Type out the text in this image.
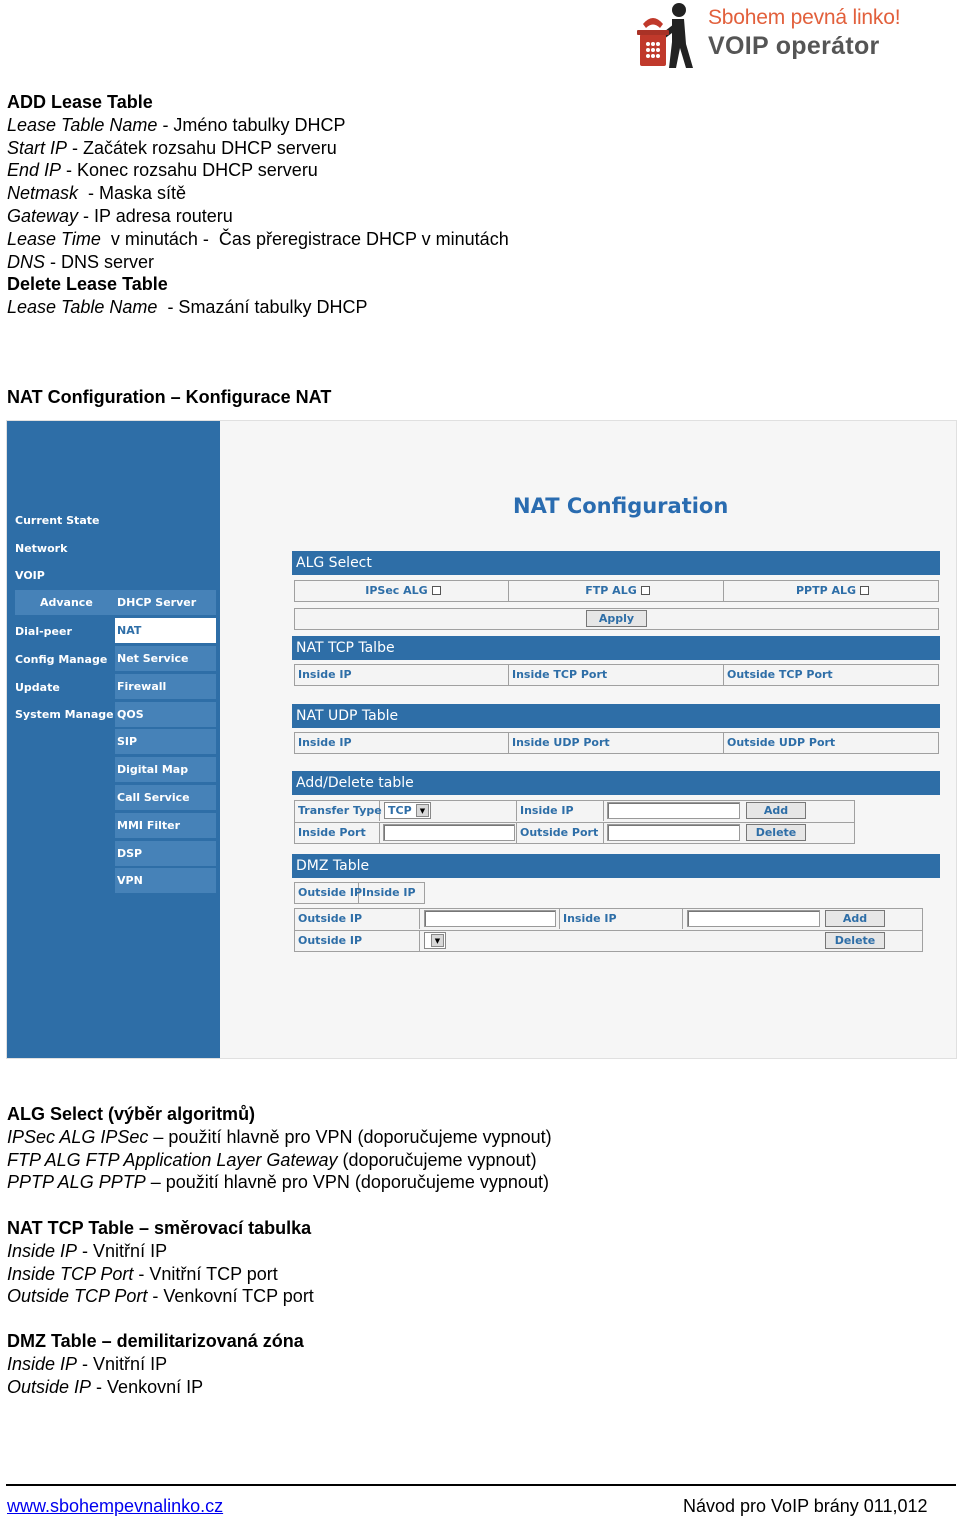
Sbohem pevná linko!
VOIP operátor

ADD Lease Table

Lease Table Name - Jméno tabulky DHCP

Start IP - Začátek rozsahu DHCP serveru

End IP - Konec rozsahu DHCP serveru

Netmask  - Maska sítě

Gateway - IP adresa routeru

Lease Time  v minutách -  Čas přeregistrace DHCP v minutách

DNS - DNS server

Delete Lease Table

Lease Table Name  - Smazání tabulky DHCP

NAT Configuration – Konfigurace NAT

Current State
Network
VOIP
Advance
Dial-peer
Config Manage
Update
System Manage
DHCP Server
NAT
Net Service
Firewall
QOS
SIP
Digital Map
Call Service
MMI Filter
DSP
VPN
NAT Configuration
ALG Select
IPSec ALG	FTP ALG	PPTP ALG
Apply
NAT TCP Talbe
Inside IP	Inside TCP Port	Outside TCP Port
NAT UDP Table
Inside IP	Inside UDP Port	Outside UDP Port
Add/Delete table
Transfer Type TCP	▼	Inside IP	Add
Inside Port	Outside Port	Delete
DMZ Table
Outside IP Inside IP
Outside IP	Inside IP	Add
Outside IP	▼	Delete

ALG Select (výběr algoritmů)

IPSec ALG IPSec – použití hlavně pro VPN (doporučujeme vypnout)

FTP ALG FTP Application Layer Gateway (doporučujeme vypnout)

PPTP ALG PPTP – použití hlavně pro VPN (doporučujeme vypnout)

NAT TCP Table – směrovací tabulka

Inside IP - Vnitřní IP

Inside TCP Port - Vnitřní TCP port

Outside TCP Port - Venkovní TCP port

DMZ Table – demilitarizovaná zóna

Inside IP - Vnitřní IP

Outside IP - Venkovní IP

www.sbohempevnalinko.cz	Návod pro VoIP brány 011,012
